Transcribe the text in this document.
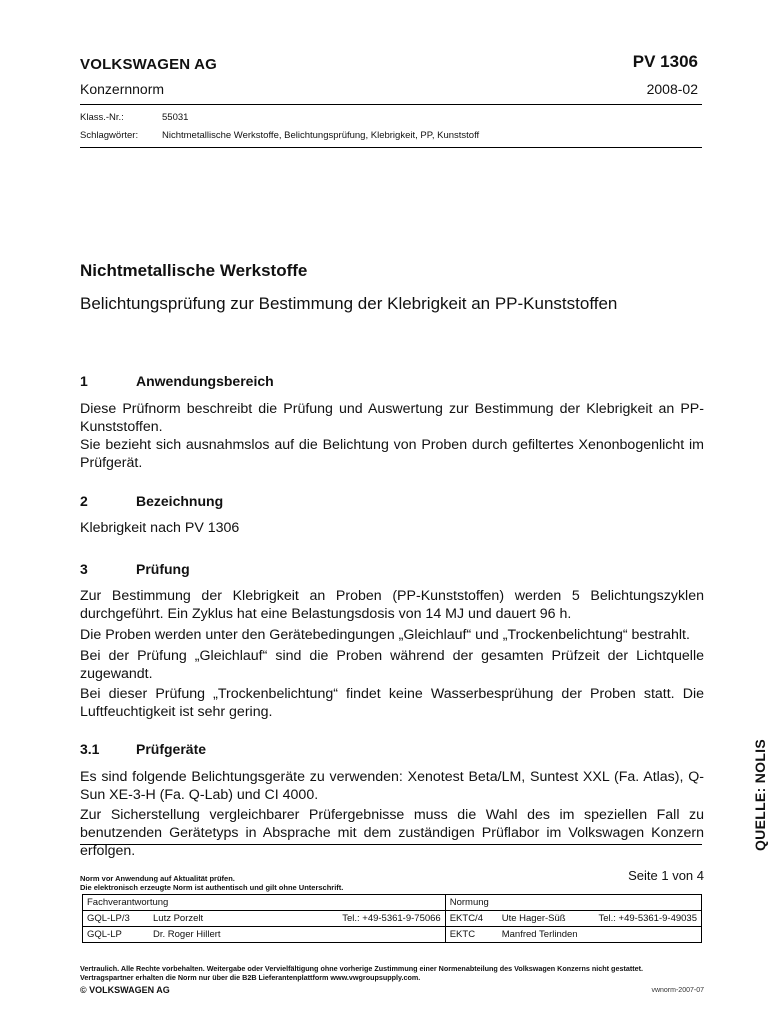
VOLKSWAGEN AG	PV 1306
Konzernnorm	2008-02
Klass.-Nr.:	55031
Schlagwörter:	Nichtmetallische Werkstoffe, Belichtungsprüfung, Klebrigkeit, PP, Kunststoff
Nichtmetallische Werkstoffe
Belichtungsprüfung zur Bestimmung der Klebrigkeit an PP-Kunststoffen
1	Anwendungsbereich
Diese Prüfnorm beschreibt die Prüfung und Auswertung zur Bestimmung der Klebrigkeit an PP-Kunststoffen.
Sie bezieht sich ausnahmslos auf die Belichtung von Proben durch gefiltertes Xenonbogenlicht im Prüfgerät.
2	Bezeichnung
Klebrigkeit nach PV 1306
3	Prüfung
Zur Bestimmung der Klebrigkeit an Proben (PP-Kunststoffen) werden 5 Belichtungszyklen durchgeführt. Ein Zyklus hat eine Belastungsdosis von 14 MJ und dauert 96 h.
Die Proben werden unter den Gerätebedingungen „Gleichlauf“ und „Trockenbelichtung“ bestrahlt.
Bei der Prüfung „Gleichlauf“ sind die Proben während der gesamten Prüfzeit der Lichtquelle zugewandt.
Bei dieser Prüfung „Trockenbelichtung“ findet keine Wasserbesprühung der Proben statt. Die Luftfeuchtigkeit ist sehr gering.
3.1	Prüfgeräte
Es sind folgende Belichtungsgeräte zu verwenden: Xenotest Beta/LM, Suntest XXL (Fa. Atlas), Q-Sun XE-3-H (Fa. Q-Lab) und CI 4000.
Zur Sicherstellung vergleichbarer Prüfergebnisse muss die Wahl des im speziellen Fall zu benutzenden Gerätetyps in Absprache mit dem zuständigen Prüflabor im Volkswagen Konzern erfolgen.	QUELLE: NOLIS
Norm vor Anwendung auf Aktualität prüfen.
Die elektronisch erzeugte Norm ist authentisch und gilt ohne Unterschrift.
Seite 1 von 4
Fachverantwortung			Normung		
GQL-LP/3	Lutz Porzelt	Tel.: +49-5361-9-75066	EKTC/4	Ute Hager-Süß	Tel.: +49-5361-9-49035
GQL-LP	Dr. Roger Hillert		EKTC	Manfred Terlinden	
Vertraulich. Alle Rechte vorbehalten. Weitergabe oder Vervielfältigung ohne vorherige Zustimmung einer Normenabteilung des Volkswagen Konzerns nicht gestattet.
Vertragspartner erhalten die Norm nur über die B2B Lieferantenplattform www.vwgroupsupply.com.
© VOLKSWAGEN AG	vwnorm-2007-07
